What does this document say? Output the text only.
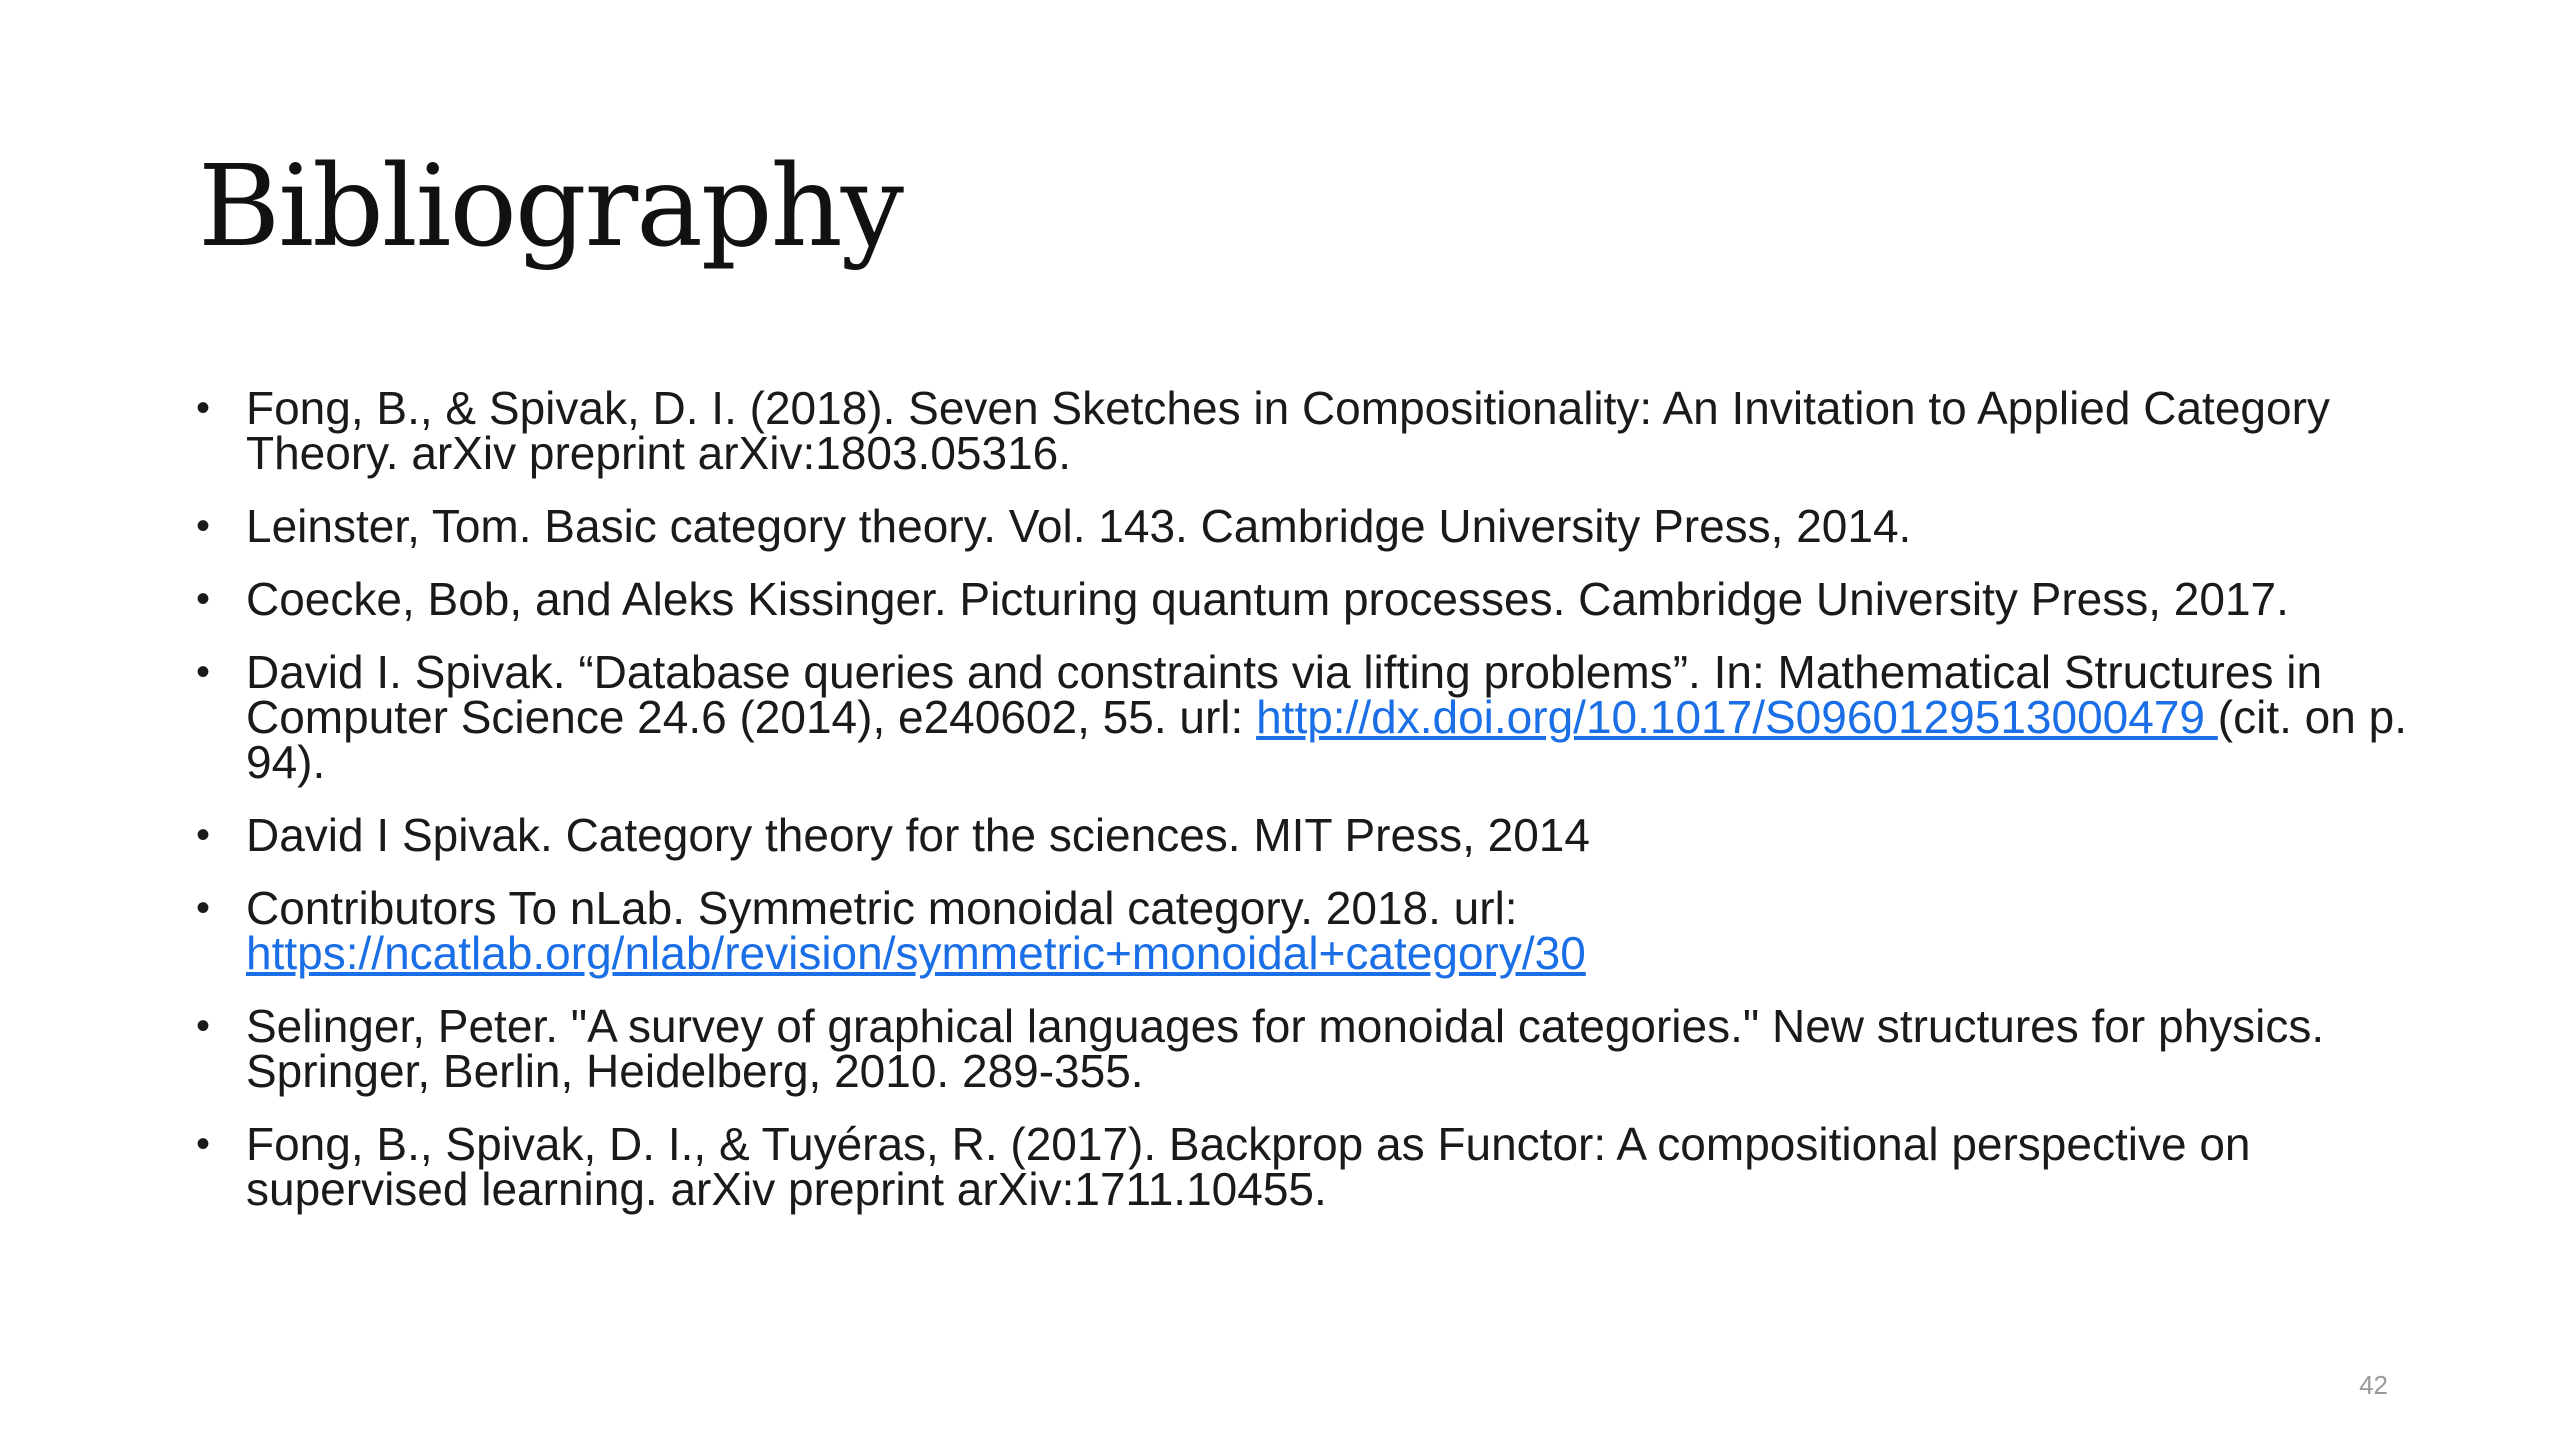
Bibliography
• Fong, B., & Spivak, D. I. (2018). Seven Sketches in Compositionality: An Invitation to Applied Category Theory. arXiv preprint arXiv:1803.05316.
• Leinster, Tom. Basic category theory. Vol. 143. Cambridge University Press, 2014.
• Coecke, Bob, and Aleks Kissinger. Picturing quantum processes. Cambridge University Press, 2017.
• David I. Spivak. “Database queries and constraints via lifting problems”. In: Mathematical Structures in Computer Science 24.6 (2014), e240602, 55. url: http://dx.doi.org/10.1017/S0960129513000479 (cit. on p. 94).
• David I Spivak. Category theory for the sciences. MIT Press, 2014
• Contributors To nLab. Symmetric monoidal category. 2018. url:
https://ncatlab.org/nlab/revision/symmetric+monoidal+category/30
• Selinger, Peter. "A survey of graphical languages for monoidal categories." New structures for physics. Springer, Berlin, Heidelberg, 2010. 289-355.
• Fong, B., Spivak, D. I., & Tuyéras, R. (2017). Backprop as Functor: A compositional perspective on supervised learning. arXiv preprint arXiv:1711.10455.
42
